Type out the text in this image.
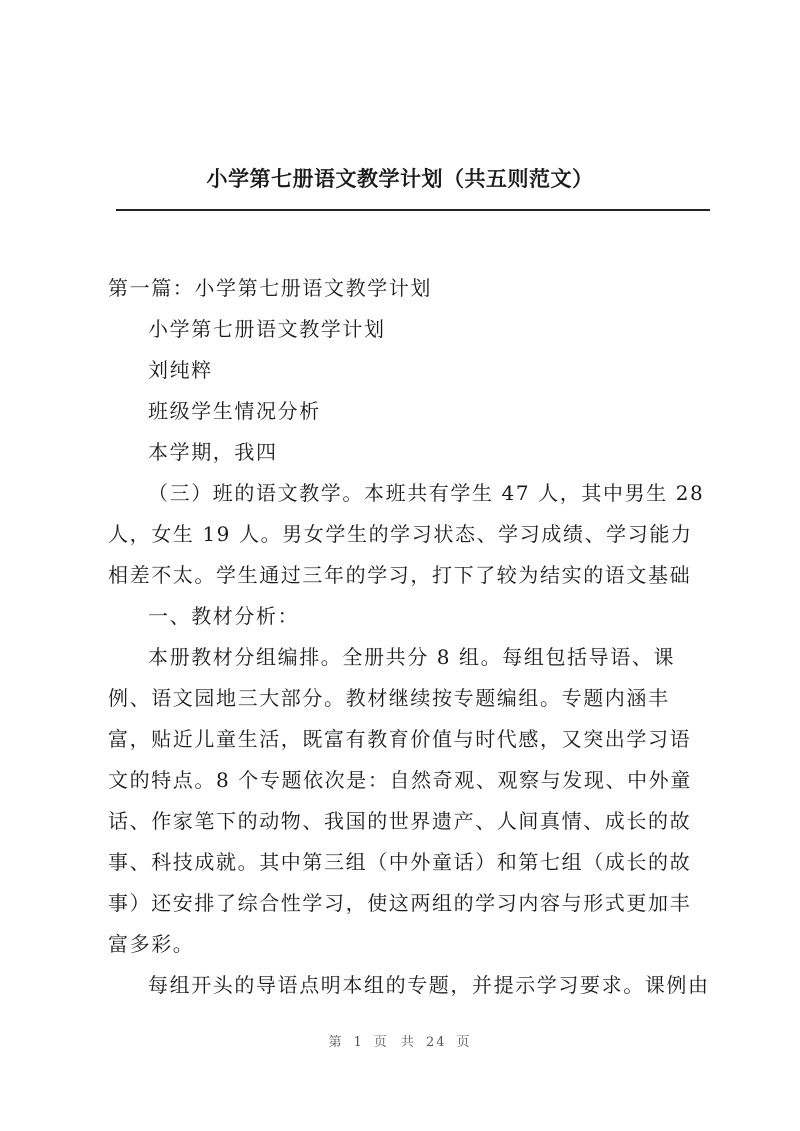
小学第七册语文教学计划（共五则范文）

第一篇：小学第七册语文教学计划

小学第七册语文教学计划

刘纯粹

班级学生情况分析

本学期，我四

（三）班的语文教学。本班共有学生 47 人，其中男生 28 人，女生 19 人。男女学生的学习状态、学习成绩、学习能力相差不太。学生通过三年的学习，打下了较为结实的语文基础

一、教材分析：

本册教材分组编排。全册共分 8 组。每组包括导语、课例、语文园地三大部分。教材继续按专题编组。专题内涵丰富，贴近儿童生活，既富有教育价值与时代感，又突出学习语文的特点。8 个专题依次是：自然奇观、观察与发现、中外童话、作家笔下的动物、我国的世界遗产、人间真情、成长的故事、科技成就。其中第三组（中外童话）和第七组（成长的故事）还安排了综合性学习，使这两组的学习内容与形式更加丰富多彩。

每组开头的导语点明本组的专题，并提示学习要求。课例由

第 1 页 共 24 页
